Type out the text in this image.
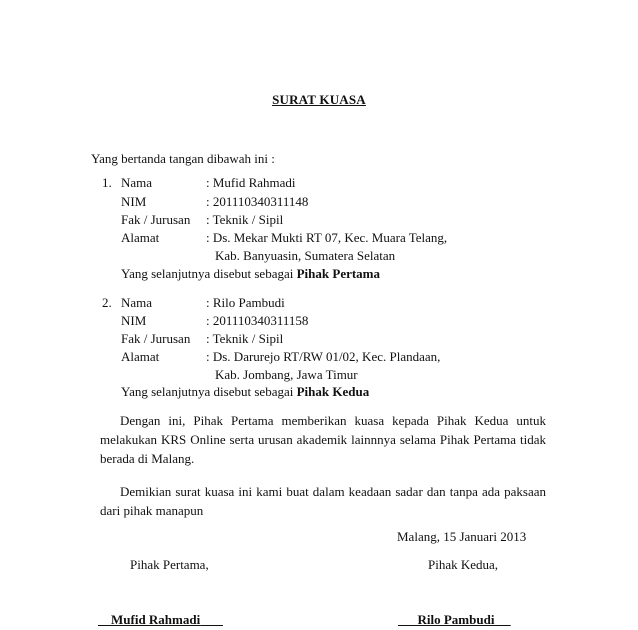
SURAT KUASA
Yang bertanda tangan dibawah ini :
1. Nama	: Mufid Rahmadi
NIM	: 201110340311148
Fak / Jurusan : Teknik / Sipil
Alamat	: Ds. Mekar Mukti RT 07, Kec. Muara Telang,
Kab. Banyuasin, Sumatera Selatan
Yang selanjutnya disebut sebagai Pihak Pertama
2. Nama	: Rilo Pambudi
NIM	: 201110340311158
Fak / Jurusan : Teknik / Sipil
Alamat	: Ds. Darurejo RT/RW 01/02, Kec. Plandaan,
Kab. Jombang, Jawa Timur
Yang selanjutnya disebut sebagai Pihak Kedua
Dengan ini, Pihak Pertama memberikan kuasa kepada Pihak Kedua untuk melakukan KRS Online serta urusan akademik lainnnya selama Pihak Pertama tidak berada di Malang.
Demikian surat kuasa ini kami buat dalam keadaan sadar dan tanpa ada paksaan dari pihak manapun
Malang, 15 Januari 2013
Pihak Pertama,	Pihak Kedua,
Mufid Rahmadi	Rilo Pambudi
